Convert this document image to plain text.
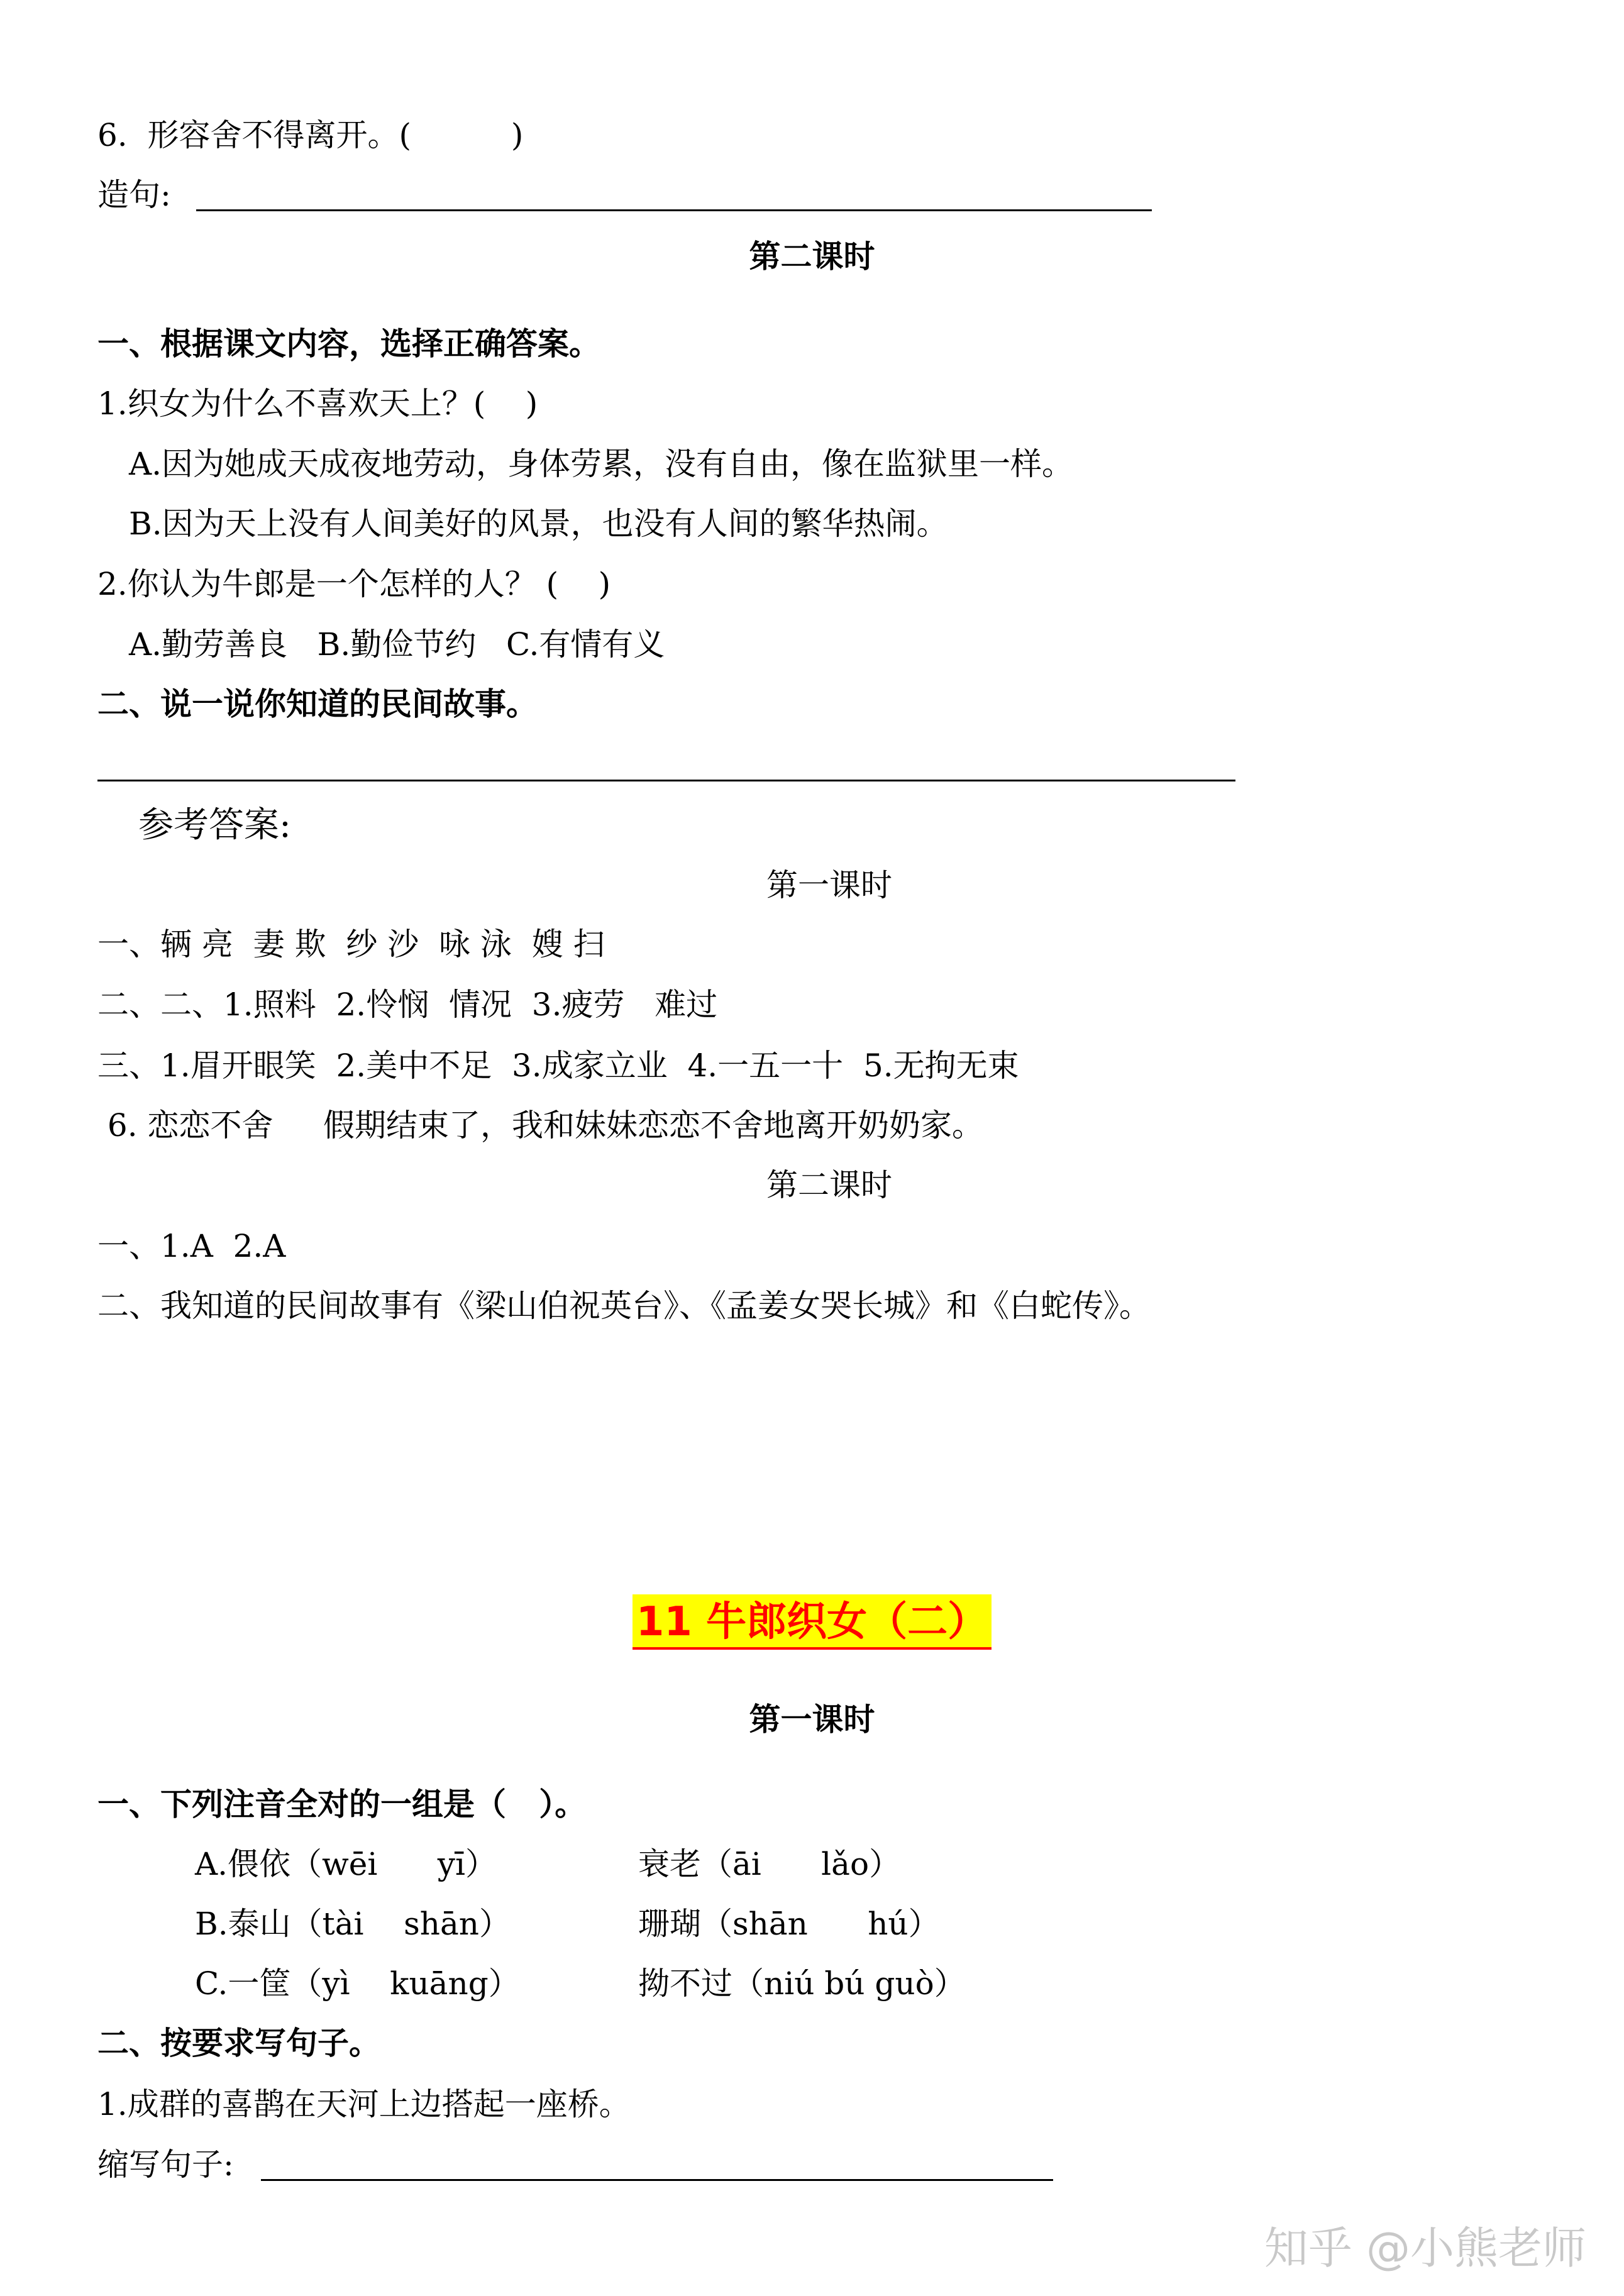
6.  形容舍不得离开。(          )
造句:
第二课时
一、根据课文内容，选择正确答案。
1.织女为什么不喜欢天上？(    )
A.因为她成天成夜地劳动，身体劳累，没有自由，像在监狱里一样。
B.因为天上没有人间美好的风景，也没有人间的繁华热闹。
2.你认为牛郎是一个怎样的人？ (    )
A.勤劳善良   B.勤俭节约   C.有情有义
二、说一说你知道的民间故事。
参考答案:
第一课时
一、辆 亮  妻 欺  纱 沙  咏 泳  嫂 扫
二、二、1.照料  2.怜悯  情况  3.疲劳   难过
三、1.眉开眼笑  2.美中不足  3.成家立业  4.一五一十  5.无拘无束
6. 恋恋不舍     假期结束了，我和妹妹恋恋不舍地离开奶奶家。
第二课时
一、1.A  2.A
二、我知道的民间故事有《梁山伯祝英台》、《孟姜女哭长城》和《白蛇传》。
11 牛郎织女（二）
第一课时
一、下列注音全对的一组是（   ）。
A.偎依（wēi      yī）	衰老（āi      lǎo）
B.泰山（tài    shān）	珊瑚（shān      hú）
C.一筐（yì    kuāng）	拗不过（niú bú guò）
二、按要求写句子。
1.成群的喜鹊在天河上边搭起一座桥。
缩写句子:
知乎 @小熊老师
